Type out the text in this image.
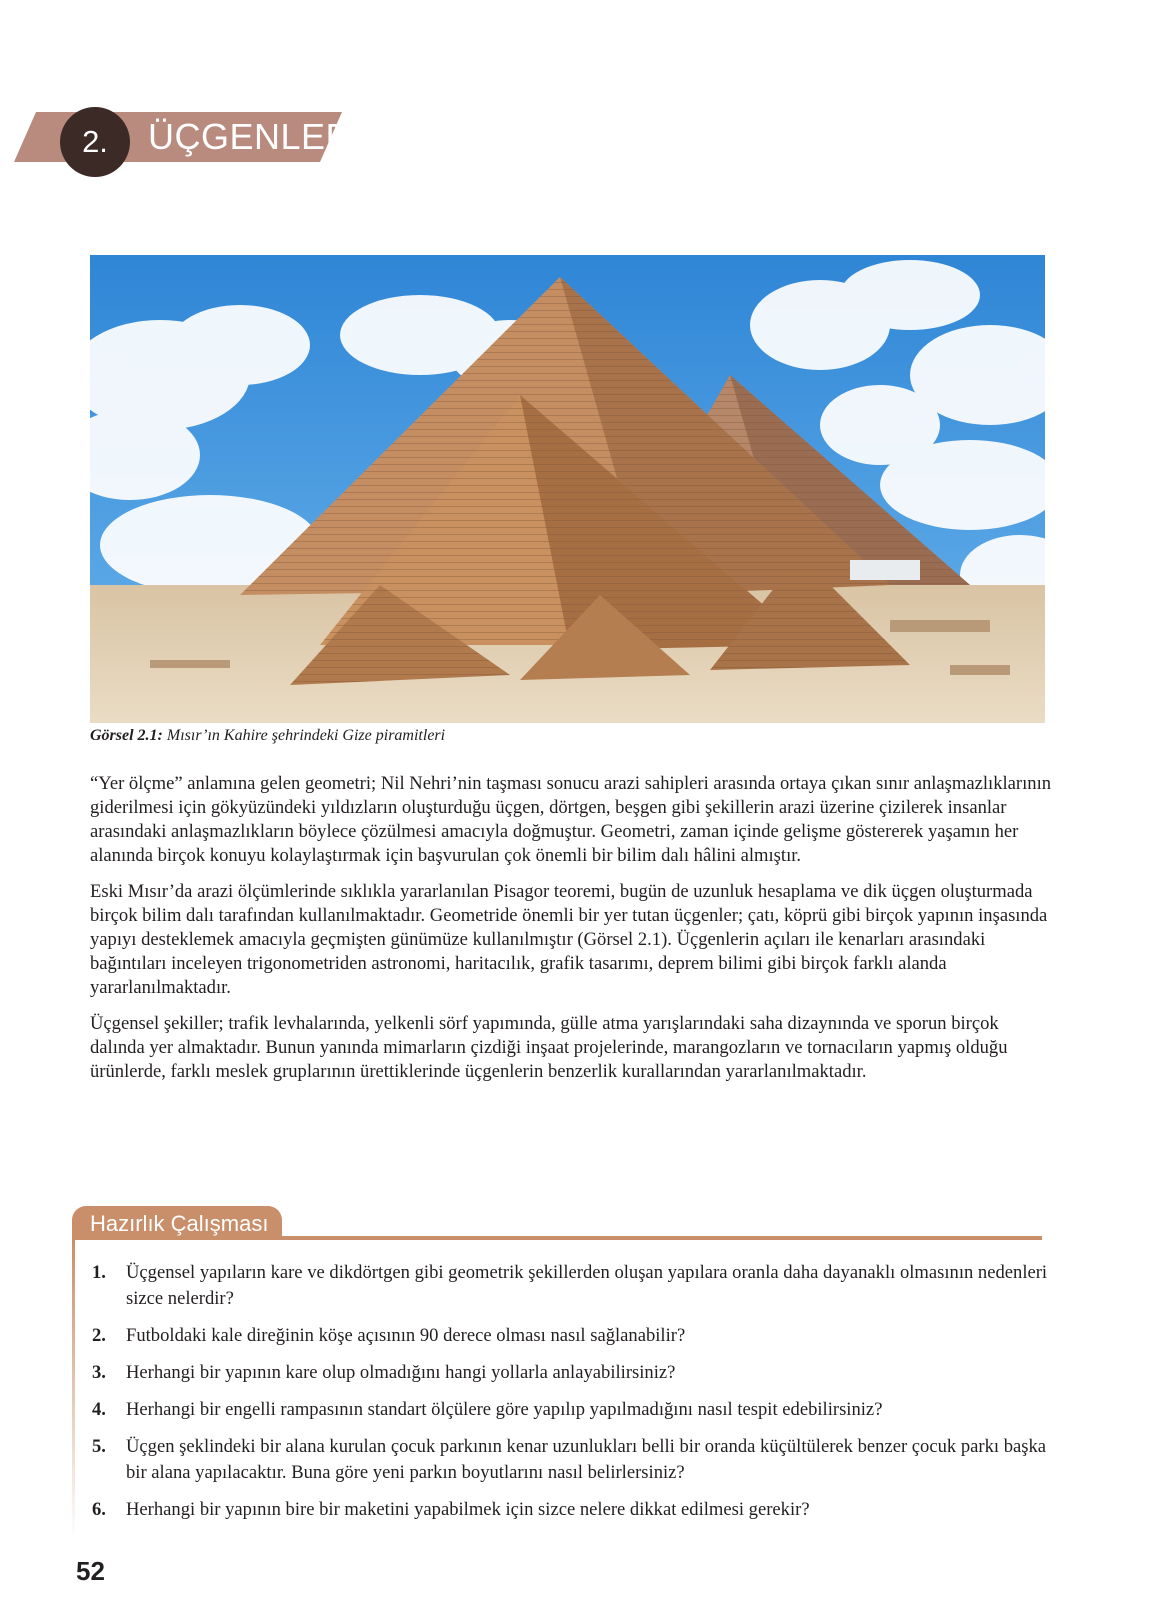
2.	ÜÇGENLER
Görsel 2.1: Mısır’ın Kahire şehrindeki Gize piramitleri

“Yer ölçme” anlamına gelen geometri; Nil Nehri’nin taşması sonucu arazi sahipleri arasında ortaya çıkan sınır anlaşmazlıklarının giderilmesi için gökyüzündeki yıldızların oluşturduğu üçgen, dörtgen, beşgen gibi şekillerin arazi üzerine çizilerek insanlar arasındaki anlaşmazlıkların böylece çözülmesi amacıyla doğmuştur. Geometri, zaman içinde gelişme göstererek yaşamın her alanında birçok konuyu kolaylaştırmak için başvurulan çok önemli bir bilim dalı hâlini almıştır.

Eski Mısır’da arazi ölçümlerinde sıklıkla yararlanılan Pisagor teoremi, bugün de uzunluk hesaplama ve dik üçgen oluşturmada birçok bilim dalı tarafından kullanılmaktadır. Geometride önemli bir yer tutan üçgenler; çatı, köprü gibi birçok yapının inşasında yapıyı desteklemek amacıyla geçmişten günümüze kullanılmıştır (Görsel 2.1). Üçgenlerin açıları ile kenarları arasındaki bağıntıları inceleyen trigonometriden astronomi, haritacılık, grafik tasarımı, deprem bilimi gibi birçok farklı alanda yararlanılmaktadır.

Üçgensel şekiller; trafik levhalarında, yelkenli sörf yapımında, gülle atma yarışlarındaki saha dizaynında ve sporun birçok dalında yer almaktadır. Bunun yanında mimarların çizdiği inşaat projelerinde, marangozların ve tornacıların yapmış olduğu ürünlerde, farklı meslek gruplarının ürettiklerinde üçgenlerin benzerlik kurallarından yararlanılmaktadır.

Hazırlık Çalışması
1.	Üçgensel yapıların kare ve dikdörtgen gibi geometrik şekillerden oluşan yapılara oranla daha dayanaklı olmasının nedenleri sizce nelerdir?
2.	Futboldaki kale direğinin köşe açısının 90 derece olması nasıl sağlanabilir?
3.	Herhangi bir yapının kare olup olmadığını hangi yollarla anlayabilirsiniz?
4.	Herhangi bir engelli rampasının standart ölçülere göre yapılıp yapılmadığını nasıl tespit edebilirsiniz?
5.	Üçgen şeklindeki bir alana kurulan çocuk parkının kenar uzunlukları belli bir oranda küçültülerek benzer çocuk parkı başka bir alana yapılacaktır. Buna göre yeni parkın boyutlarını nasıl belirlersiniz?
6.	Herhangi bir yapının bire bir maketini yapabilmek için sizce nelere dikkat edilmesi gerekir?
52
